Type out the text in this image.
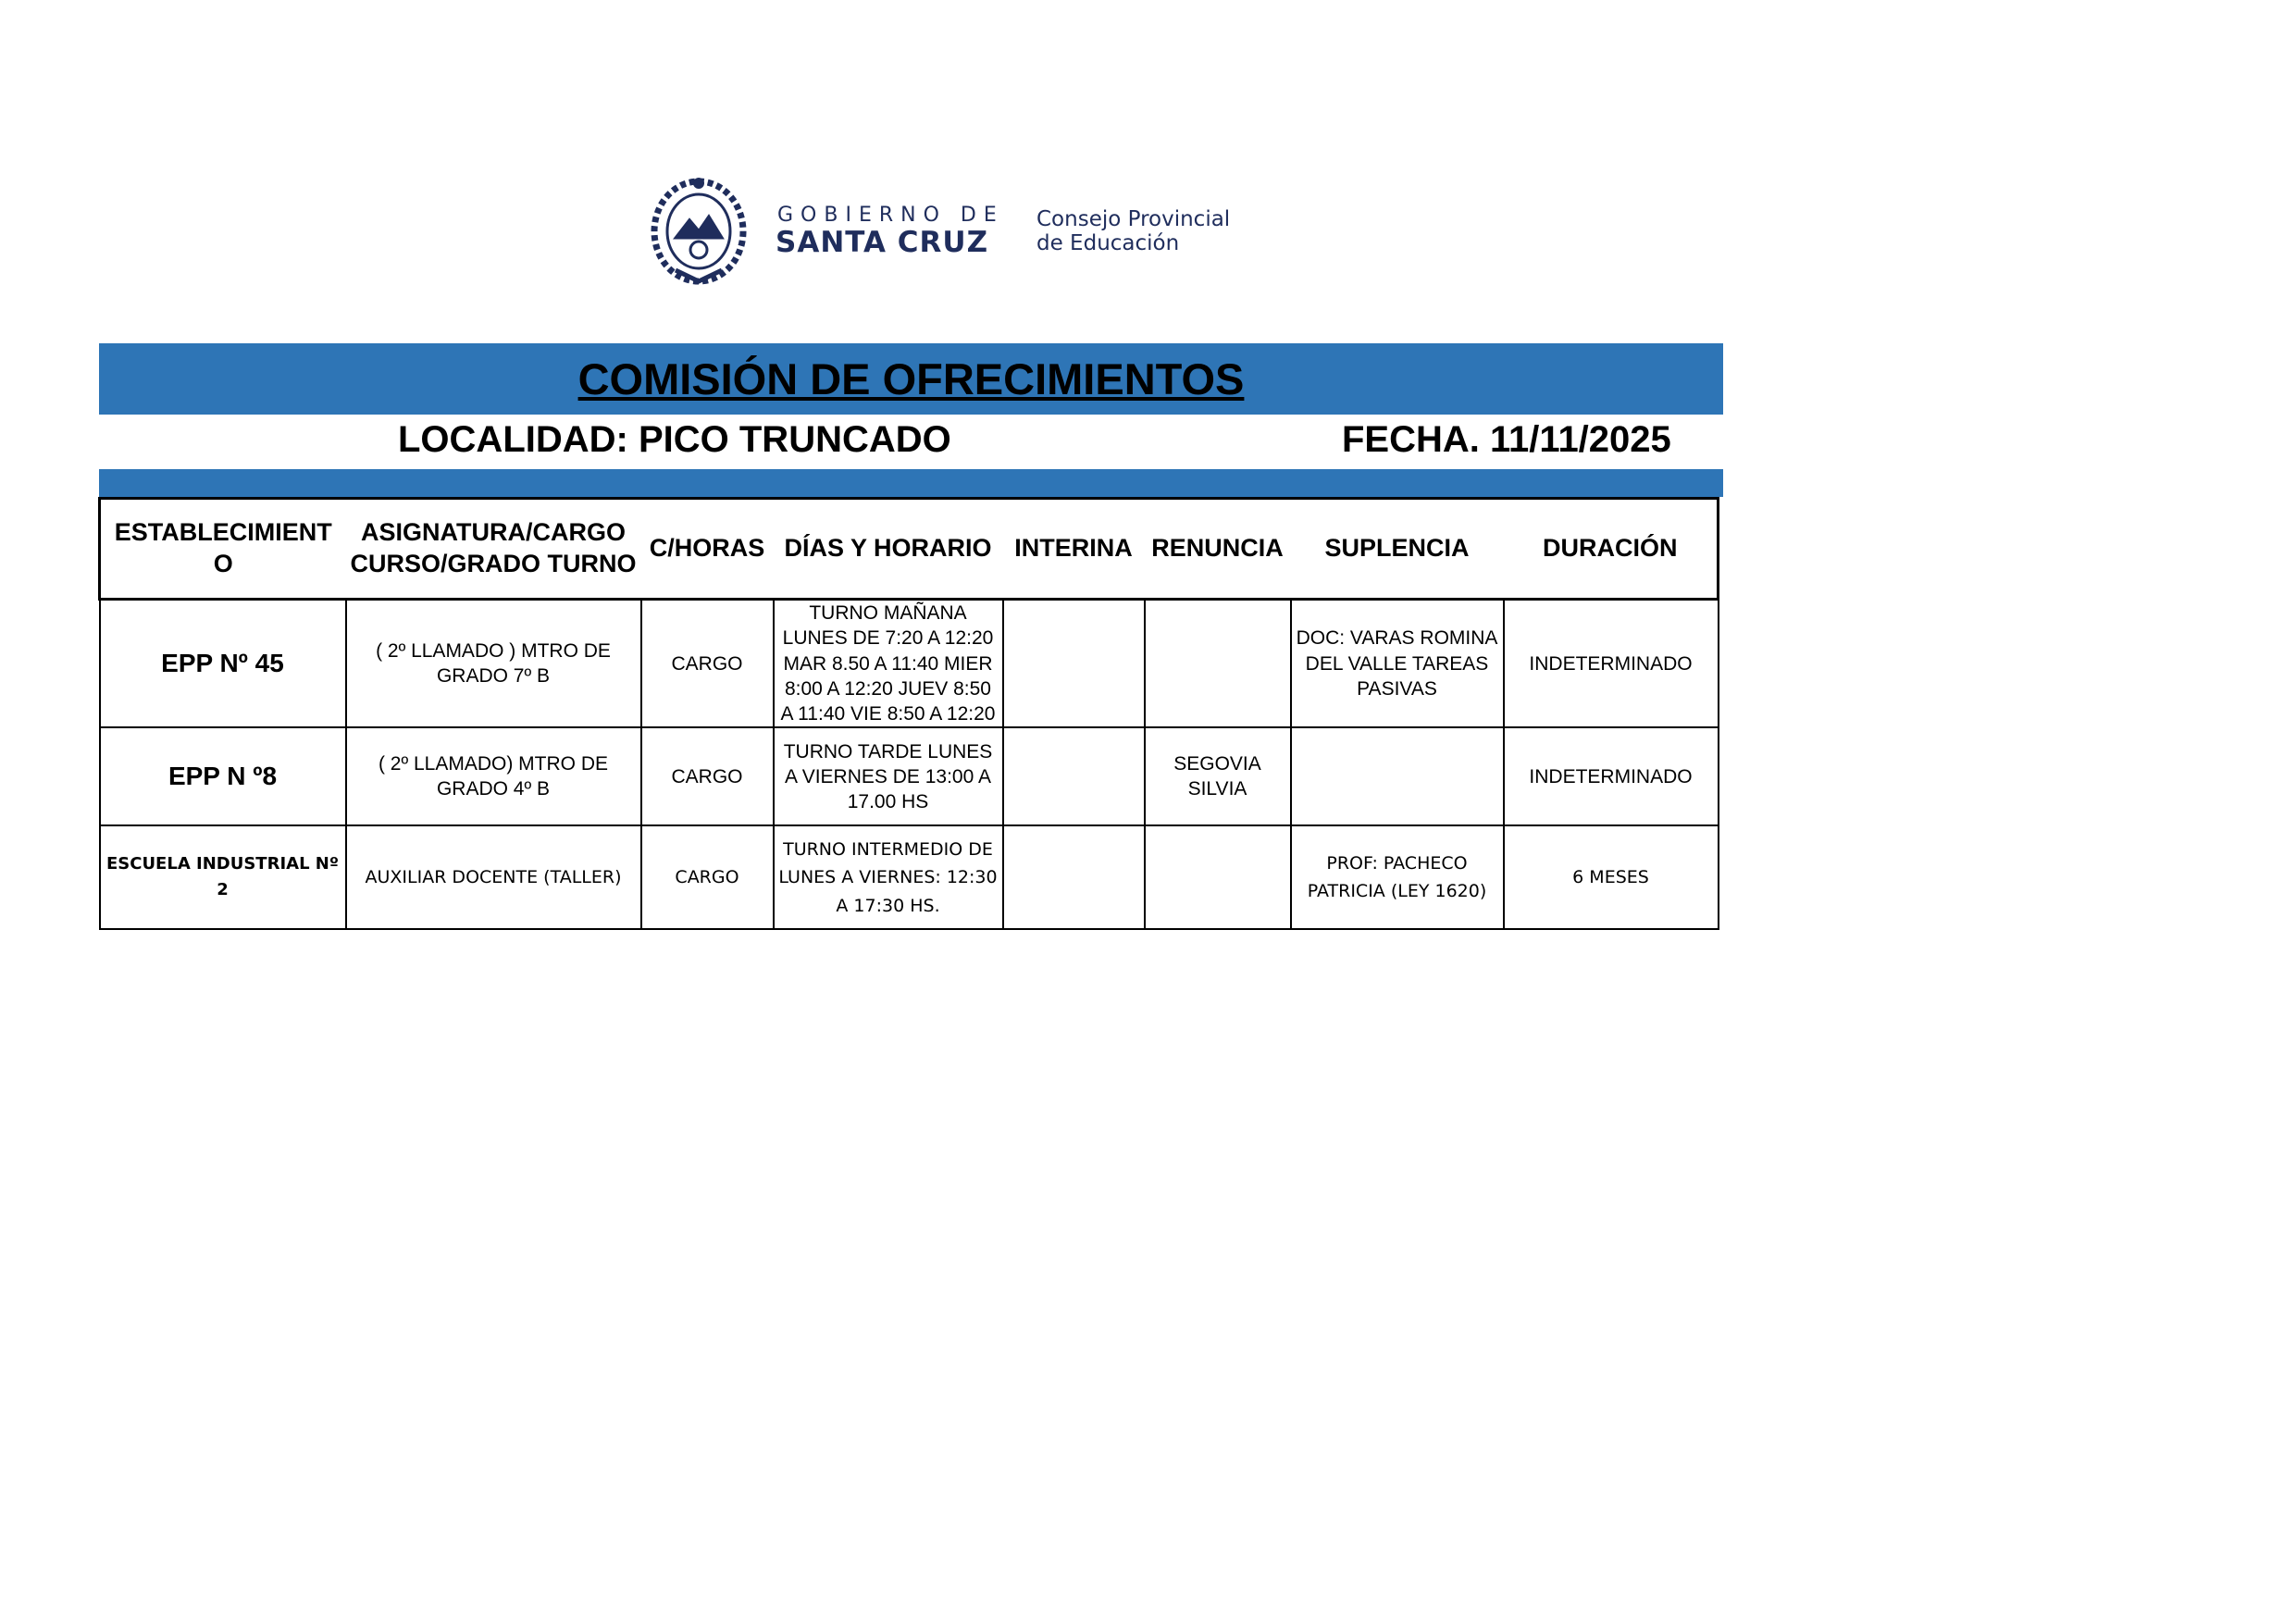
GOBIERNO DE
SANTA CRUZ
Consejo Provincial
de Educación
COMISIÓN DE OFRECIMIENTOS
LOCALIDAD: PICO TRUNCADO	FECHA. 11/11/2025
ESTABLECIMIENT O	ASIGNATURA/CARGO CURSO/GRADO TURNO	C/HORAS	DÍAS Y HORARIO	INTERINA	RENUNCIA	SUPLENCIA	DURACIÓN
EPP Nº 45	( 2º LLAMADO ) MTRO DE GRADO 7º B	CARGO	TURNO MAÑANA LUNES DE 7:20 A 12:20 MAR 8.50 A 11:40 MIER 8:00 A 12:20 JUEV 8:50 A 11:40 VIE 8:50 A 12:20			DOC: VARAS ROMINA DEL VALLE TAREAS PASIVAS	INDETERMINADO
EPP N º8	( 2º LLAMADO) MTRO DE GRADO 4º B	CARGO	TURNO TARDE LUNES A VIERNES DE 13:00 A 17.00 HS		SEGOVIA SILVIA		INDETERMINADO
ESCUELA INDUSTRIAL Nº 2	AUXILIAR DOCENTE (TALLER)	CARGO	TURNO INTERMEDIO DE LUNES A VIERNES: 12:30 A 17:30 HS.			PROF: PACHECO PATRICIA (LEY 1620)	6 MESES
